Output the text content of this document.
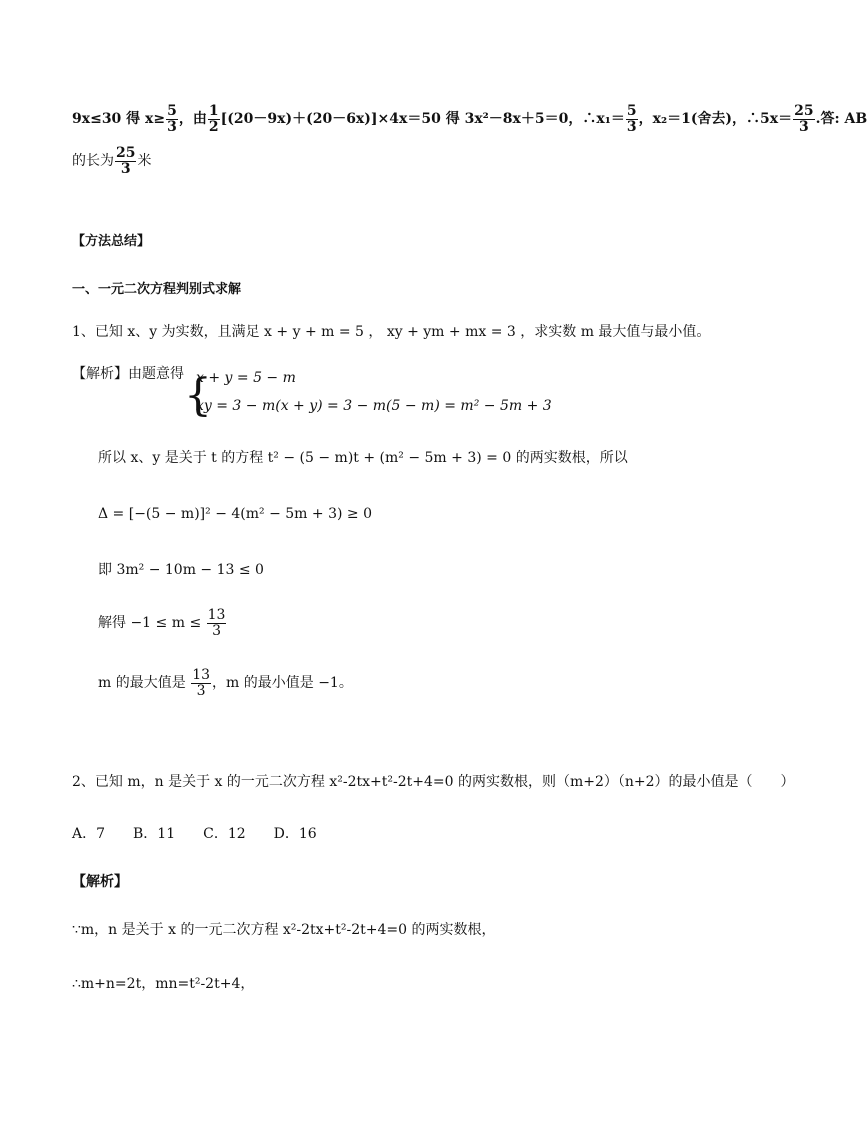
9x≤30 得 $x\ge \frac{5}{3}$ ，由 $\frac{1}{2} [(20-9x)+(20-6x)]\times 4x=50$ 得 3x²－8x＋5＝0，∴x₁＝ $\frac{5}{3}$ ，x₂＝1(舍去)，∴5x＝ $\frac{25}{3}$ .答: AB
的长为 $\frac{25}{3}$ 米
【方法总结】
一、一元二次方程判别式求解
1、已知 x、y 为实数，且满足 x + y + m = 5 ， xy + ym + mx = 3 ，求实数 m 最大值与最小值。
【解析】由题意得 {
x + y = 5 − m
xy = 3 − m(x + y) = 3 − m(5 − m) = m² − 5m + 3
所以 x、y 是关于 t 的方程 t² − (5 − m)t + (m² − 5m + 3) = 0 的两实数根，所以
Δ = [−(5 − m)]² − 4(m² − 5m + 3) ≥ 0
即 3m² − 10m − 13 ≤ 0
解得 $-1 \le m \le \frac{13}{3}$
m 的最大值是 $\frac{13}{3}$ ，m 的最小值是 −1。
2、已知 m，n 是关于 x 的一元二次方程 x²-2tx+t²-2t+4=0 的两实数根，则（m+2）（n+2）的最小值是（　　）
A．7　　B．11　　C．12　　D．16
【解析】
∵m，n 是关于 x 的一元二次方程 x²-2tx+t²-2t+4=0 的两实数根，
∴m+n=2t，mn=t²-2t+4，
